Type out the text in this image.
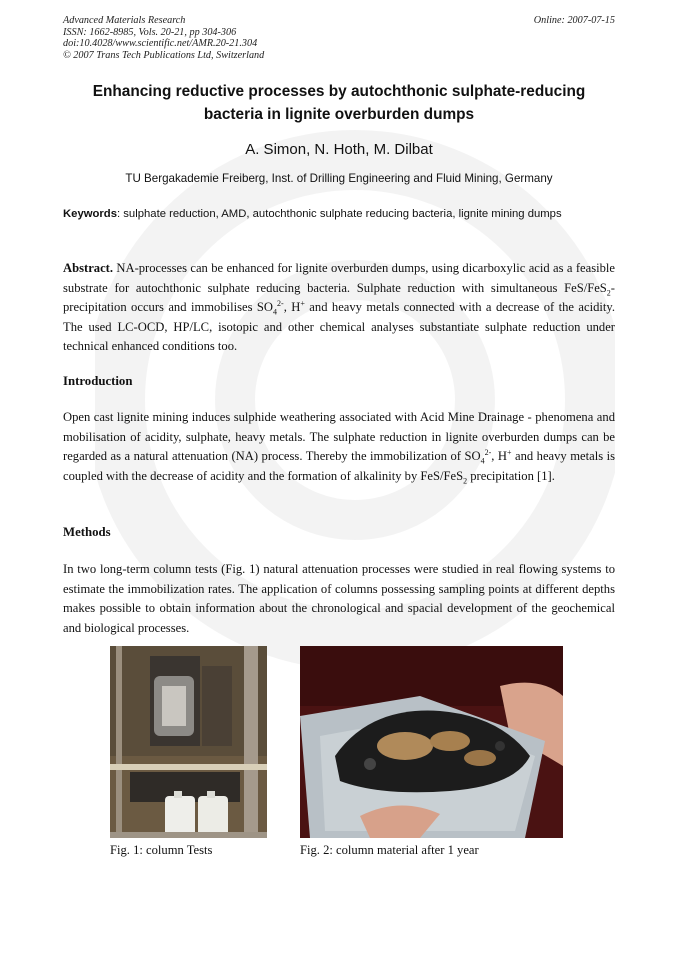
Advanced Materials Research
ISSN: 1662-8985, Vols. 20-21, pp 304-306
doi:10.4028/www.scientific.net/AMR.20-21.304
© 2007 Trans Tech Publications Ltd, Switzerland
Online: 2007-07-15
Enhancing reductive processes by autochthonic sulphate-reducing
bacteria in lignite overburden dumps
A. Simon, N. Hoth, M. Dilbat
TU Bergakademie Freiberg, Inst. of Drilling Engineering and Fluid Mining, Germany
Keywords: sulphate reduction, AMD, autochthonic sulphate reducing bacteria, lignite mining dumps

Abstract. NA-processes can be enhanced for lignite overburden dumps, using dicarboxylic acid as a feasible substrate for autochthonic sulphate reducing bacteria. Sulphate reduction with simultaneous FeS/FeS$_2$-precipitation occurs and immobilises $SO_4^{2-}$, H+ and heavy metals connected with a decrease of the acidity. The used LC-OCD, HP/LC, isotopic and other chemical analyses substantiate sulphate reduction under technical enhanced conditions too.

Introduction

Open cast lignite mining induces sulphide weathering associated with Acid Mine Drainage - phenomena and mobilisation of acidity, sulphate, heavy metals. The sulphate reduction in lignite overburden dumps can be regarded as a natural attenuation (NA) process. Thereby the immobilization of $SO_4^{2-}$, H+ and heavy metals is coupled with the decrease of acidity and the formation of alkalinity by FeS/FeS$_2$ precipitation [1].

Methods

In two long-term column tests (Fig. 1) natural attenuation processes were studied in real flowing systems to estimate the immobilization rates. The application of columns possessing sampling points at different depths makes possible to obtain information about the chronological and spacial development of the geochemical and biological processes.

Fig. 1: column Tests	Fig. 2: column material after 1 year
